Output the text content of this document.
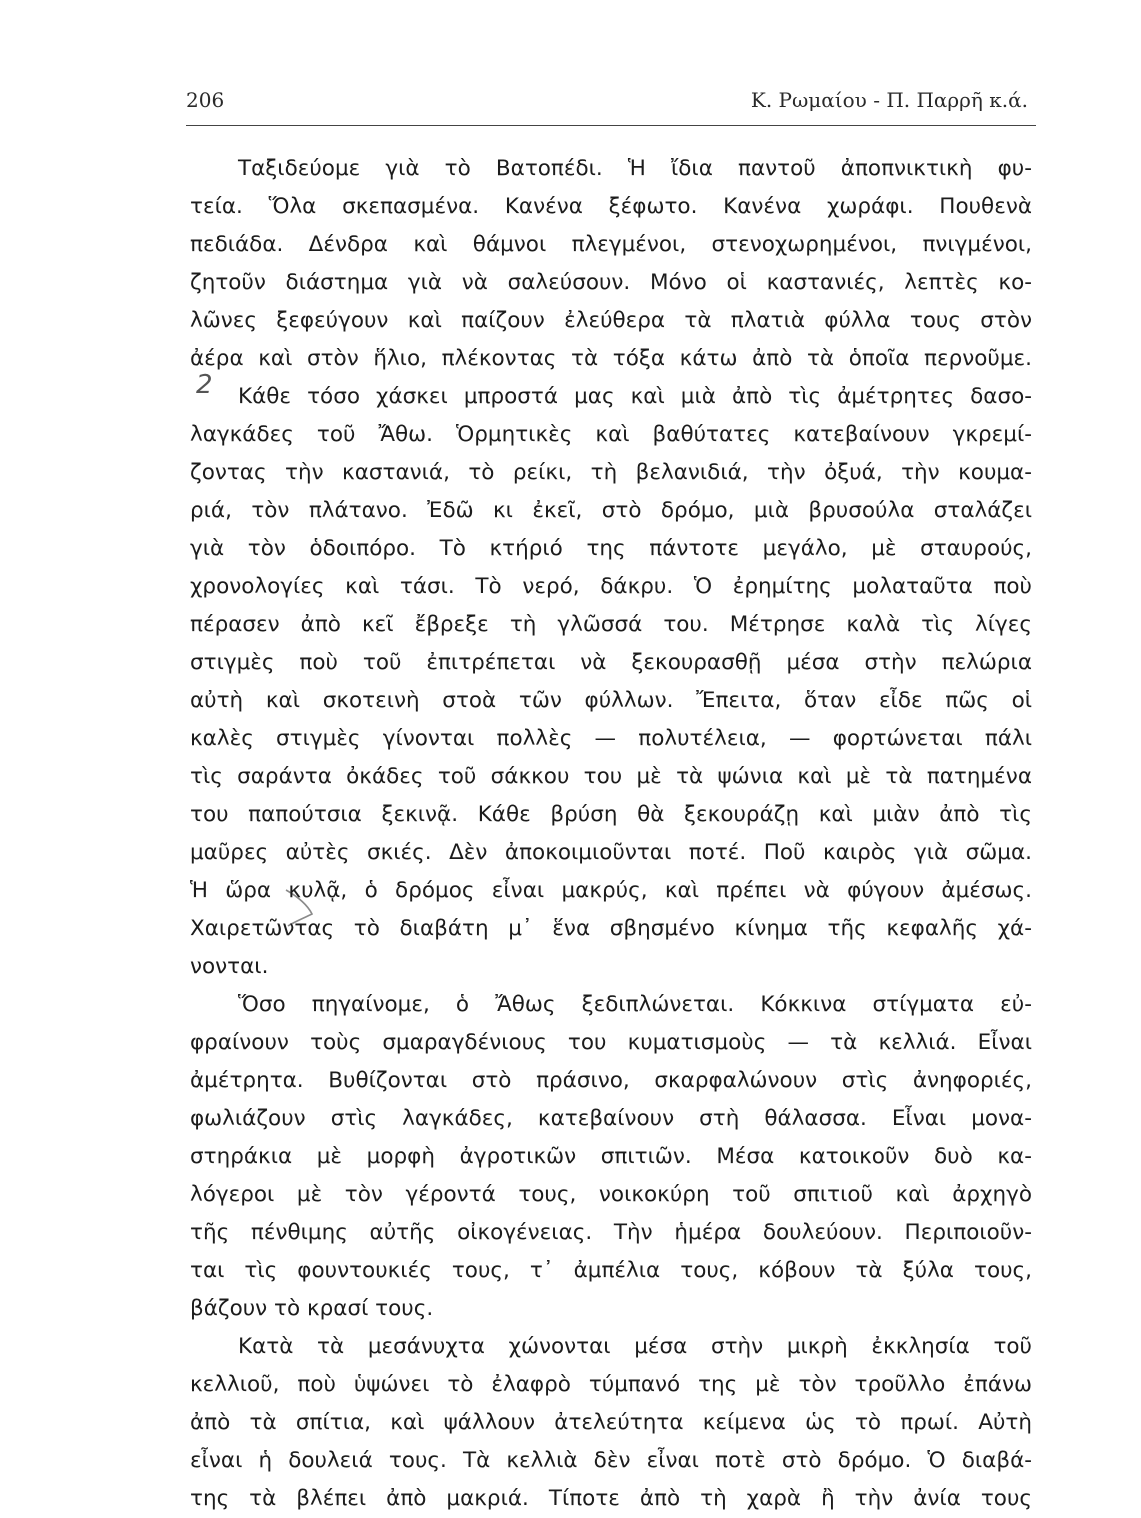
206	Κ. Ρωμαίου - Π. Παρρῆ κ.ά.
2
Ταξιδεύομε γιὰ τὸ Βατοπέδι. Ἡ ἴδια παντοῦ ἀποπνικτικὴ φυ-
τεία. Ὅλα σκεπασμένα. Κανένα ξέφωτο. Κανένα χωράφι. Πουθενὰ
πεδιάδα. Δένδρα καὶ θάμνοι πλεγμένοι, στενοχωρημένοι, πνιγμένοι,
ζητοῦν διάστημα γιὰ νὰ σαλεύσουν. Μόνο οἱ καστανιές, λεπτὲς κο-
λῶνες ξεφεύγουν καὶ παίζουν ἐλεύθερα τὰ πλατιὰ φύλλα τους στὸν
ἀέρα καὶ στὸν ἥλιο, πλέκοντας τὰ τόξα κάτω ἀπὸ τὰ ὁποῖα περνοῦμε.
Κάθε τόσο χάσκει μπροστά μας καὶ μιὰ ἀπὸ τὶς ἀμέτρητες δασο-
λαγκάδες τοῦ Ἄθω. Ὁρμητικὲς καὶ βαθύτατες κατεβαίνουν γκρεμί-
ζοντας τὴν καστανιά, τὸ ρείκι, τὴ βελανιδιά, τὴν ὀξυά, τὴν κουμα-
ριά, τὸν πλάτανο. Ἐδῶ κι ἐκεῖ, στὸ δρόμο, μιὰ βρυσούλα σταλάζει
γιὰ τὸν ὁδοιπόρο. Τὸ κτήριό της πάντοτε μεγάλο, μὲ σταυρούς,
χρονολογίες καὶ τάσι. Τὸ νερό, δάκρυ. Ὁ ἐρημίτης μολαταῦτα ποὺ
πέρασεν ἀπὸ κεῖ ἔβρεξε τὴ γλῶσσά του. Μέτρησε καλὰ τὶς λίγες
στιγμὲς ποὺ τοῦ ἐπιτρέπεται νὰ ξεκουρασθῇ μέσα στὴν πελώρια
αὐτὴ καὶ σκοτεινὴ στοὰ τῶν φύλλων. Ἔπειτα, ὅταν εἶδε πῶς οἱ
καλὲς στιγμὲς γίνονται πολλὲς — πολυτέλεια, — φορτώνεται πάλι
τὶς σαράντα ὀκάδες τοῦ σάκκου του μὲ τὰ ψώνια καὶ μὲ τὰ πατημένα
του παπούτσια ξεκινᾷ. Κάθε βρύση θὰ ξεκουράζῃ καὶ μιὰν ἀπὸ τὶς
μαῦρες αὐτὲς σκιές. Δὲν ἀποκοιμιοῦνται ποτέ. Ποῦ καιρὸς γιὰ σῶμα.
Ἡ ὥρα κυλᾷ, ὁ δρόμος εἶναι μακρύς, καὶ πρέπει νὰ φύγουν ἀμέσως.
Χαιρετῶντας τὸ διαβάτη μ᾽ ἕνα σβησμένο κίνημα τῆς κεφαλῆς χά-
νονται.
Ὅσο πηγαίνομε, ὁ Ἄθως ξεδιπλώνεται. Κόκκινα στίγματα εὐ-
φραίνουν τοὺς σμαραγδένιους του κυματισμοὺς — τὰ κελλιά. Εἶναι
ἀμέτρητα. Βυθίζονται στὸ πράσινο, σκαρφαλώνουν στὶς ἀνηφοριές,
φωλιάζουν στὶς λαγκάδες, κατεβαίνουν στὴ θάλασσα. Εἶναι μονα-
στηράκια μὲ μορφὴ ἀγροτικῶν σπιτιῶν. Μέσα κατοικοῦν δυὸ κα-
λόγεροι μὲ τὸν γέροντά τους, νοικοκύρη τοῦ σπιτιοῦ καὶ ἀρχηγὸ
τῆς πένθιμης αὐτῆς οἰκογένειας. Τὴν ἡμέρα δουλεύουν. Περιποιοῦν-
ται τὶς φουντουκιές τους, τ᾽ ἀμπέλια τους, κόβουν τὰ ξύλα τους,
βάζουν τὸ κρασί τους.
Κατὰ τὰ μεσάνυχτα χώνονται μέσα στὴν μικρὴ ἐκκλησία τοῦ
κελλιοῦ, ποὺ ὑψώνει τὸ ἐλαφρὸ τύμπανό της μὲ τὸν τροῦλλο ἐπάνω
ἀπὸ τὰ σπίτια, καὶ ψάλλουν ἀτελεύτητα κείμενα ὡς τὸ πρωί. Αὐτὴ
εἶναι ἡ δουλειά τους. Τὰ κελλιὰ δὲν εἶναι ποτὲ στὸ δρόμο. Ὁ διαβά-
της τὰ βλέπει ἀπὸ μακριά. Τίποτε ἀπὸ τὴ χαρὰ ἢ τὴν ἀνία τους
